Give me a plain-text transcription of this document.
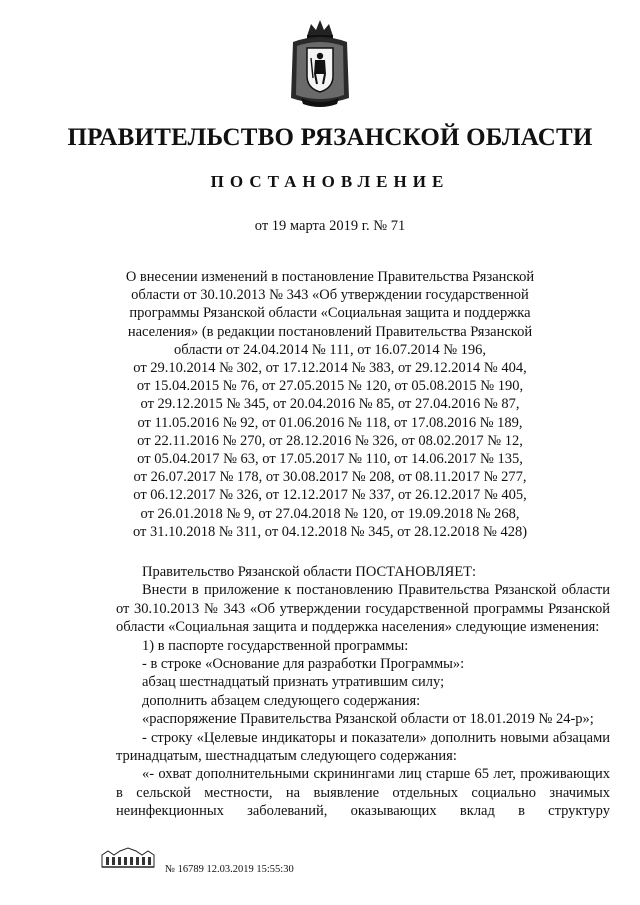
ПРАВИТЕЛЬСТВО РЯЗАНСКОЙ ОБЛАСТИ
ПОСТАНОВЛЕНИЕ
от 19 марта 2019 г. № 71
О внесении изменений в постановление Правительства Рязанской
области от 30.10.2013 № 343 «Об утверждении государственной
программы Рязанской области «Социальная защита и поддержка
населения» (в редакции постановлений Правительства Рязанской
области от 24.04.2014 № 111, от 16.07.2014 № 196,
от 29.10.2014 № 302, от 17.12.2014 № 383, от 29.12.2014 № 404,
от 15.04.2015 № 76, от 27.05.2015 № 120, от 05.08.2015 № 190,
от 29.12.2015 № 345, от 20.04.2016 № 85, от 27.04.2016 № 87,
от 11.05.2016 № 92, от 01.06.2016 № 118, от 17.08.2016 № 189,
от 22.11.2016 № 270, от 28.12.2016 № 326, от 08.02.2017 № 12,
от 05.04.2017 № 63, от 17.05.2017 № 110, от 14.06.2017 № 135,
от 26.07.2017 № 178, от 30.08.2017 № 208, от 08.11.2017 № 277,
от 06.12.2017 № 326, от 12.12.2017 № 337, от 26.12.2017 № 405,
от 26.01.2018 № 9, от 27.04.2018 № 120, от 19.09.2018 № 268,
от 31.10.2018 № 311, от 04.12.2018 № 345, от 28.12.2018 № 428)

Правительство Рязанской области ПОСТАНОВЛЯЕТ:

Внести в приложение к постановлению Правительства Рязанской области от 30.10.2013 № 343 «Об утверждении государственной программы Рязанской области «Социальная защита и поддержка населения» следующие изменения:

1) в паспорте государственной программы:

- в строке «Основание для разработки Программы»:

абзац шестнадцатый признать утратившим силу;

дополнить абзацем следующего содержания:

«распоряжение Правительства Рязанской области от 18.01.2019 № 24-р»;

- строку «Целевые индикаторы и показатели» дополнить новыми абзацами тринадцатым, шестнадцатым следующего содержания:

«- охват дополнительными скринингами лиц старше 65 лет, проживающих в сельской местности, на выявление отдельных социально значимых неинфекционных заболеваний, оказывающих вклад в структуру

№ 16789 12.03.2019 15:55:30
